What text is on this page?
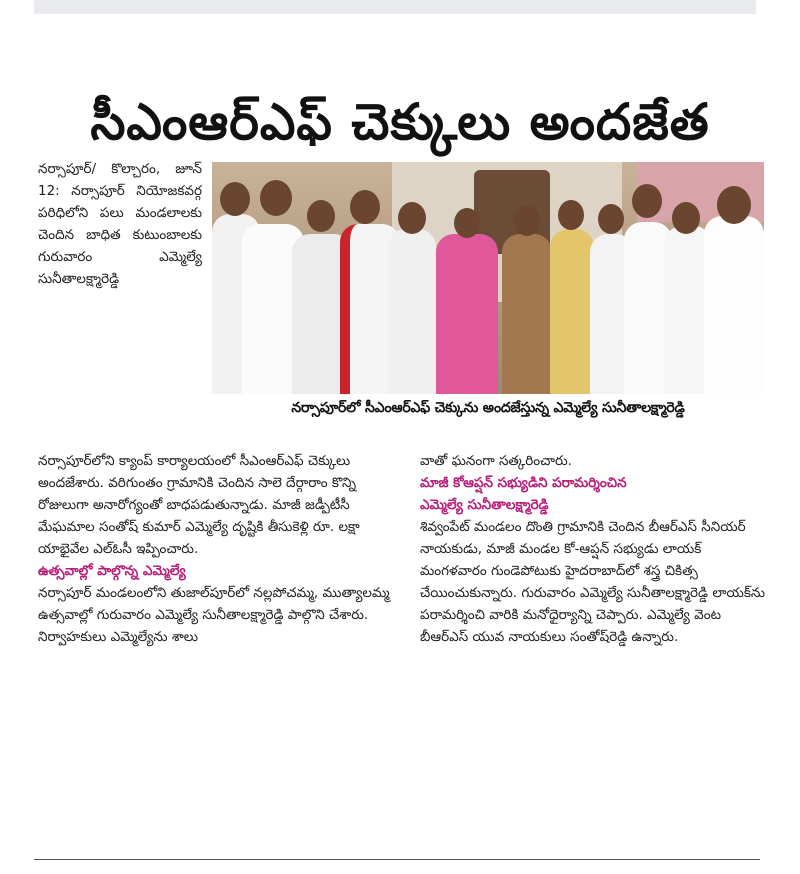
సీఎంఆర్ఎఫ్ చెక్కులు అందజేత

నర్సాపూర్/ కొల్చారం, జూన్ 12: నర్సాపూర్ నియోజకవర్గ పరిధిలోని పలు మండలాలకు చెందిన బాధిత కుటుంబాలకు గురువారం ఎమ్మెల్యే సునీతాలక్ష్మారెడ్డి

నర్సాపూర్‌లో సీఎంఆర్ఎఫ్ చెక్కును అందజేస్తున్న ఎమ్మెల్యే సునీతాలక్ష్మారెడ్డి

నర్సాపూర్‌లోని క్యాంప్ కార్యాలయంలో సీఎంఆర్ఎఫ్ చెక్కులు అందజేశారు. వరిగుంతం గ్రామానికి చెందిన సాలె దేర్గారాం కొన్ని రోజులుగా అనారోగ్యంతో బాధపడుతున్నాడు. మాజీ జడ్పీటీసీ మేఘమాల సంతోష్ కుమార్ ఎమ్మెల్యే దృష్టికి తీసుకెళ్లి రూ. లక్షా యాభైవేల ఎల్‌ఓసీ ఇప్పించారు.

ఉత్సవాల్లో పాల్గొన్న ఎమ్మెల్యే

నర్సాపూర్ మండలంలోని తుజాల్‌పూర్‌లో నల్లపోచమ్మ, ముత్యాలమ్మ ఉత్సవాల్లో గురువారం ఎమ్మెల్యే సునీతాలక్ష్మారెడ్డి పాల్గొని చేశారు. నిర్వాహకులు ఎమ్మెల్యేను శాలు

వాతో ఘనంగా సత్కరించారు.

మాజీ కోఆప్షన్ సభ్యుడిని పరామర్శించిన

ఎమ్మెల్యే సునీతాలక్ష్మారెడ్డి

శివ్వంపేట్ మండలం దొంతి గ్రామానికి చెందిన బీఆర్ఎస్ సీనియర్ నాయకుడు, మాజీ మండల కో-ఆప్షన్ సభ్యుడు లాయక్ మంగళవారం గుండెపోటుకు హైదరాబాద్‌లో శస్త్ర చికిత్స చేయించుకున్నారు. గురువారం ఎమ్మెల్యే సునీతాలక్ష్మారెడ్డి లాయక్‌ను పరామర్శించి వారికి మనోధైర్యాన్ని చెప్పారు. ఎమ్మెల్యే వెంట బీఆర్ఎస్ యువ నాయకులు సంతోష్‌రెడ్డి ఉన్నారు.
